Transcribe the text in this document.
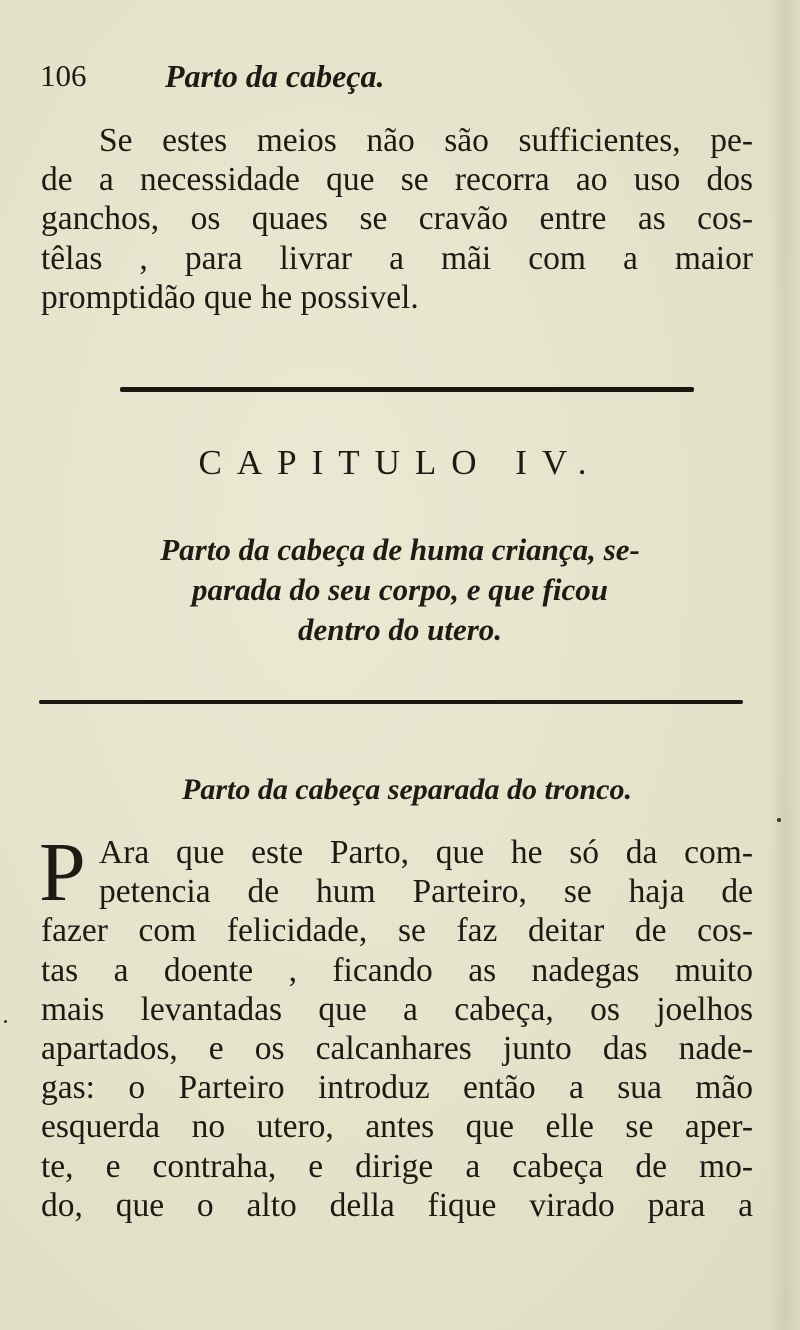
106 Parto da cabeça.
Se estes meios não são sufficientes, pe-
de a necessidade que se recorra ao uso dos
ganchos, os quaes se cravão entre as cos-
têlas , para livrar a mãi com a maior
promptidão que he possivel.
CAPITULO IV.
Parto da cabeça de huma criança, se-
parada do seu corpo, e que ficou
dentro do utero.
Parto da cabeça separada do tronco.
P Ara que este Parto, que he só da com-
petencia de hum Parteiro, se haja de
fazer com felicidade, se faz deitar de cos-
tas a doente , ficando as nadegas muito
mais levantadas que a cabeça, os joelhos
apartados, e os calcanhares junto das nade-
gas: o Parteiro introduz então a sua mão
esquerda no utero, antes que elle se aper-
te, e contraha, e dirige a cabeça de mo-
do, que o alto della fique virado para a
